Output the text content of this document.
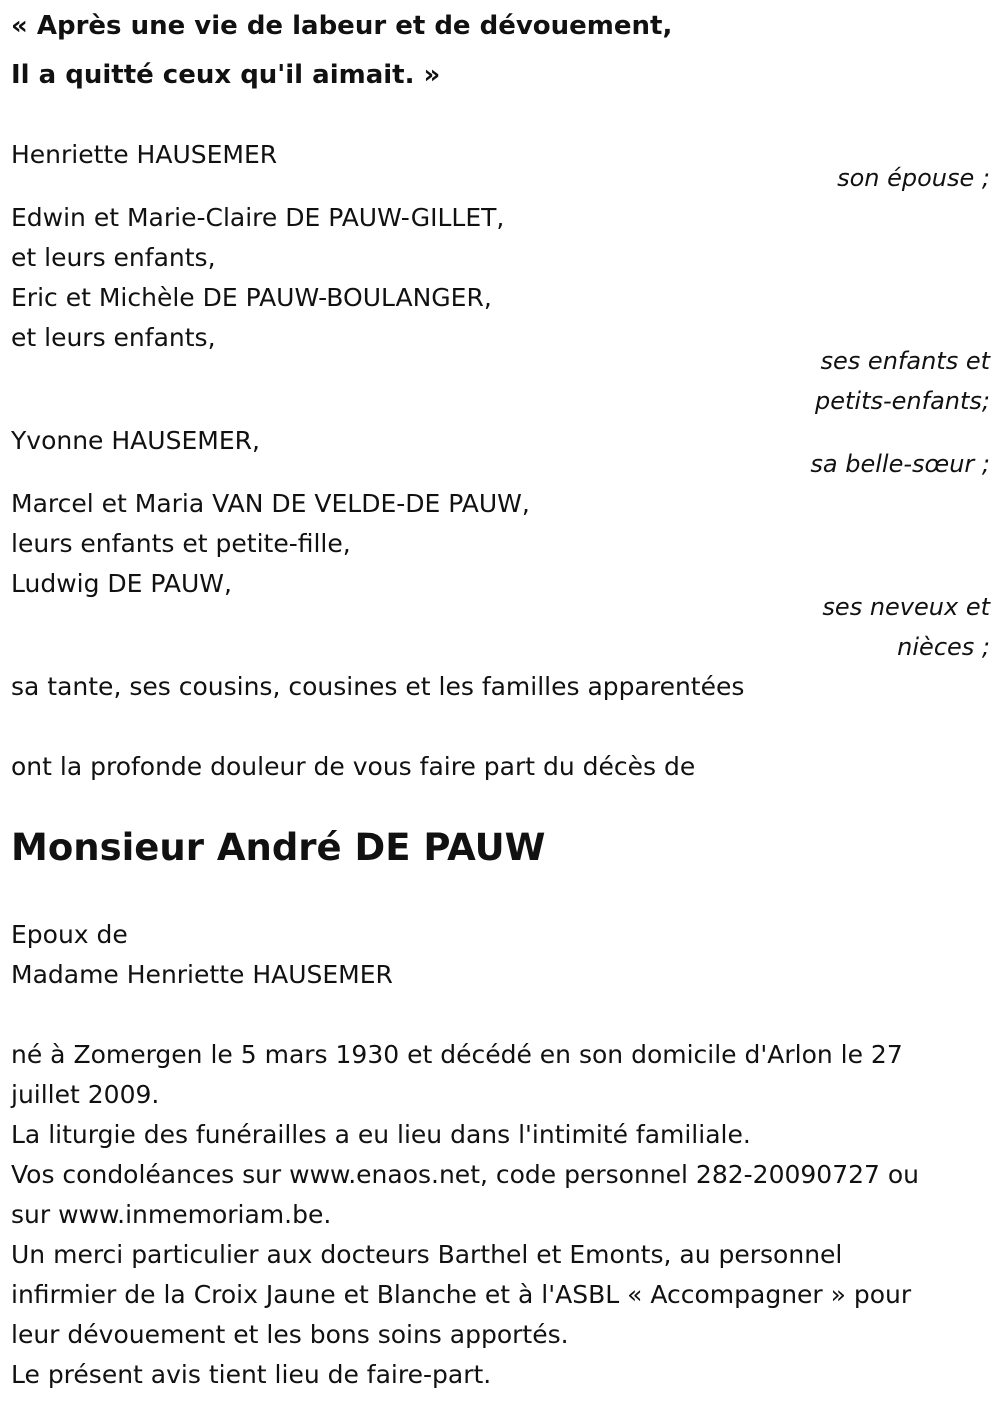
« Après une vie de labeur et de dévouement,
Il a quitté ceux qu'il aimait. »
Henriette HAUSEMER
son épouse ;
Edwin et Marie-Claire DE PAUW-GILLET,
et leurs enfants,
Eric et Michèle DE PAUW-BOULANGER,
et leurs enfants,
ses enfants et
petits-enfants;
Yvonne HAUSEMER,
sa belle-sœur ;
Marcel et Maria VAN DE VELDE-DE PAUW,
leurs enfants et petite-fille,
Ludwig DE PAUW,
ses neveux et
nièces ;
sa tante, ses cousins, cousines et les familles apparentées
ont la profonde douleur de vous faire part du décès de
Monsieur André DE PAUW
Epoux de
Madame Henriette HAUSEMER
né à Zomergen le 5 mars 1930 et décédé en son domicile d'Arlon le 27
juillet 2009.
La liturgie des funérailles a eu lieu dans l'intimité familiale.
Vos condoléances sur www.enaos.net, code personnel 282-20090727 ou
sur www.inmemoriam.be.
Un merci particulier aux docteurs Barthel et Emonts, au personnel
infirmier de la Croix Jaune et Blanche et à l'ASBL « Accompagner » pour
leur dévouement et les bons soins apportés.
Le présent avis tient lieu de faire-part.
